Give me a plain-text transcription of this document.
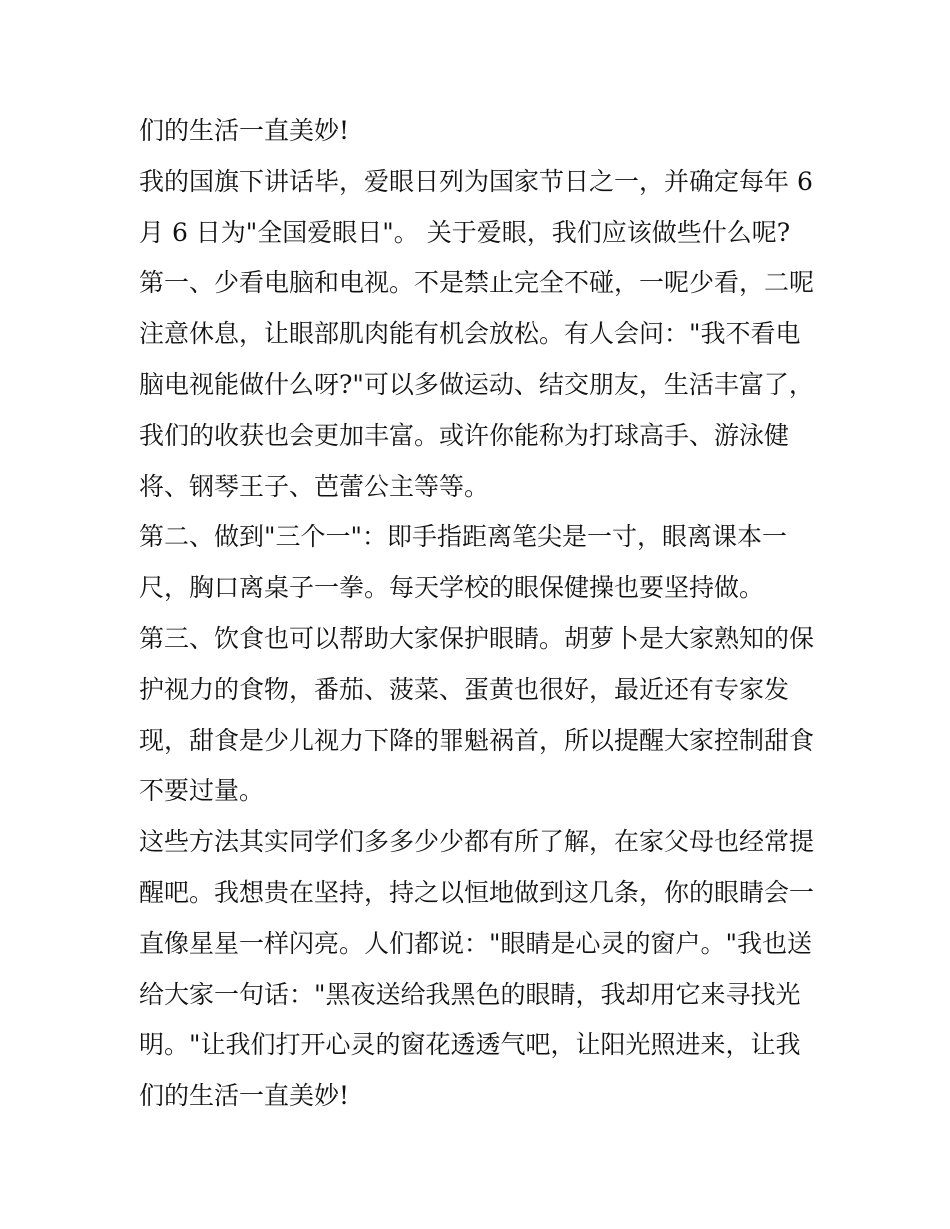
们的生活一直美妙!
我的国旗下讲话毕，爱眼日列为国家节日之一，并确定每年 6
月 6 日为"全国爱眼日"。 关于爱眼，我们应该做些什么呢?
第一、少看电脑和电视。不是禁止完全不碰，一呢少看，二呢
注意休息，让眼部肌肉能有机会放松。有人会问："我不看电
脑电视能做什么呀?"可以多做运动、结交朋友，生活丰富了，
我们的收获也会更加丰富。或许你能称为打球高手、游泳健
将、钢琴王子、芭蕾公主等等。
第二、做到"三个一"：即手指距离笔尖是一寸，眼离课本一
尺，胸口离桌子一拳。每天学校的眼保健操也要坚持做。
第三、饮食也可以帮助大家保护眼睛。胡萝卜是大家熟知的保
护视力的食物，番茄、菠菜、蛋黄也很好，最近还有专家发
现，甜食是少儿视力下降的罪魁祸首，所以提醒大家控制甜食
不要过量。
这些方法其实同学们多多少少都有所了解，在家父母也经常提
醒吧。我想贵在坚持，持之以恒地做到这几条，你的眼睛会一
直像星星一样闪亮。人们都说："眼睛是心灵的窗户。"我也送
给大家一句话："黑夜送给我黑色的眼睛，我却用它来寻找光
明。"让我们打开心灵的窗花透透气吧，让阳光照进来，让我
们的生活一直美妙!
